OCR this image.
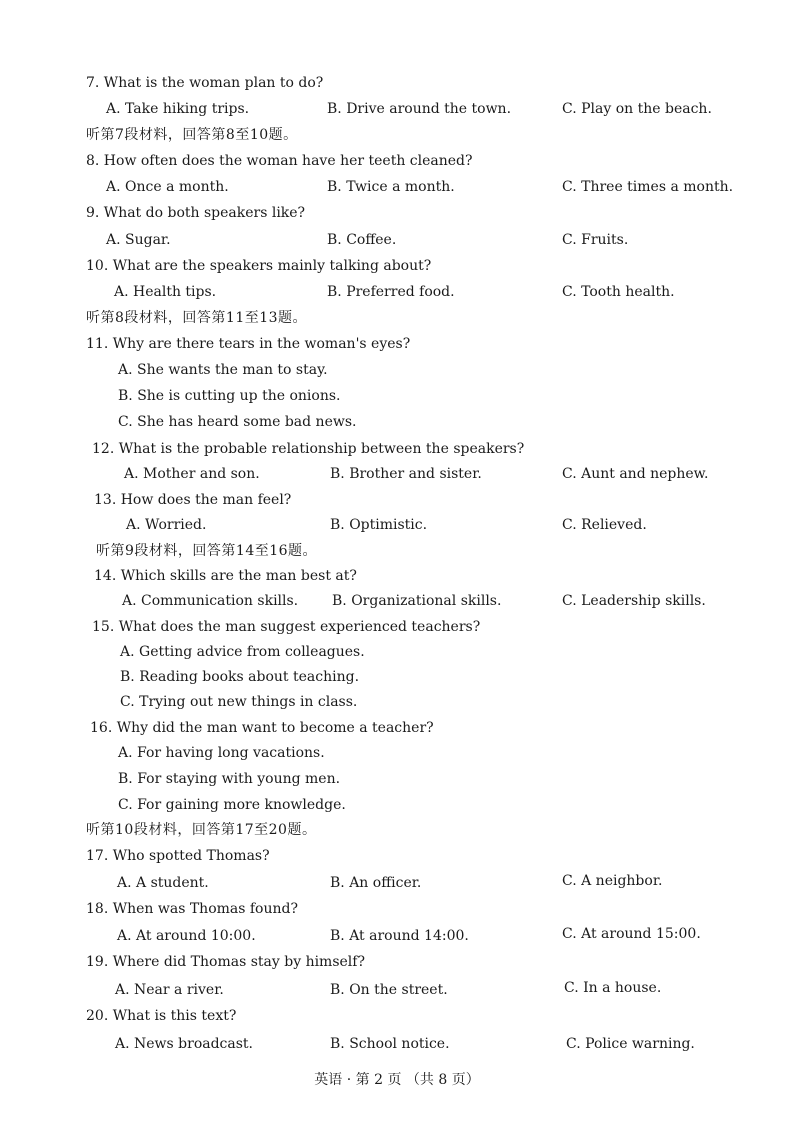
7. What is the woman plan to do?
A. Take hiking trips.	B. Drive around the town.	C. Play on the beach.
听第7段材料，回答第8至10题。
8. How often does the woman have her teeth cleaned?
A. Once a month.	B. Twice a month.	C. Three times a month.
9. What do both speakers like?
A. Sugar.	B. Coffee.	C. Fruits.
10. What are the speakers mainly talking about?
A. Health tips.	B. Preferred food.	C. Tooth health.
听第8段材料，回答第11至13题。
11. Why are there tears in the woman's eyes?
A. She wants the man to stay.
B. She is cutting up the onions.
C. She has heard some bad news.
12. What is the probable relationship between the speakers?
A. Mother and son.	B. Brother and sister.	C. Aunt and nephew.
13. How does the man feel?
A. Worried.	B. Optimistic.	C. Relieved.
听第9段材料，回答第14至16题。
14. Which skills are the man best at?
A. Communication skills. B. Organizational skills.	C. Leadership skills.
15. What does the man suggest experienced teachers?
A. Getting advice from colleagues.
B. Reading books about teaching.
C. Trying out new things in class.
16. Why did the man want to become a teacher?
A. For having long vacations.
B. For staying with young men.
C. For gaining more knowledge.
听第10段材料，回答第17至20题。
17. Who spotted Thomas?
A. A student.	B. An officer.	C. A neighbor.
18. When was Thomas found?
A. At around 10:00.	B. At around 14:00.	C. At around 15:00.
19. Where did Thomas stay by himself?
A. Near a river.	B. On the street.	C. In a house.
20. What is this text?
A. News broadcast.	B. School notice.	C. Police warning.
英语 · 第 2 页 （共 8 页）
